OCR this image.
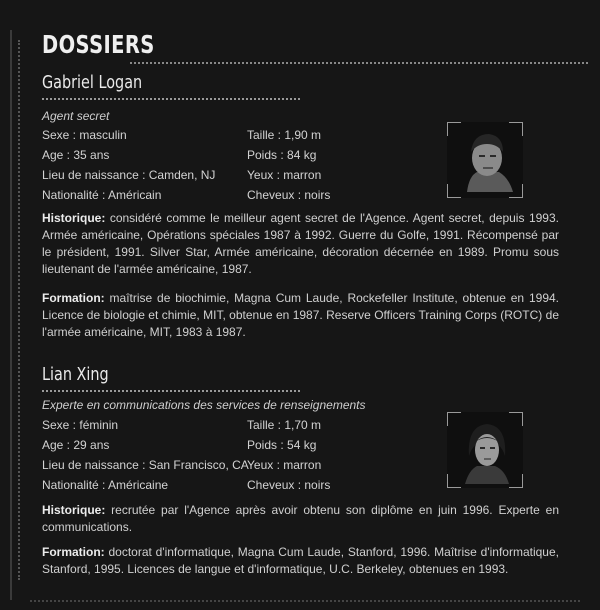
DOSSIERS
Gabriel Logan
Agent secret
Sexe : masculin
Age : 35 ans
Lieu de naissance : Camden, NJ
Nationalité : Américain
Taille : 1,90 m
Poids : 84 kg
Yeux : marron
Cheveux : noirs
Historique: considéré comme le meilleur agent secret de l'Agence. Agent secret, depuis 1993. Armée américaine, Opérations spéciales 1987 à 1992. Guerre du Golfe, 1991. Récompensé par le président, 1991. Silver Star, Armée américaine, décoration décernée en 1989. Promu sous lieutenant de l'armée américaine, 1987.
Formation: maîtrise de biochimie, Magna Cum Laude, Rockefeller Institute, obtenue en 1994. Licence de biologie et chimie, MIT, obtenue en 1987. Reserve Officers Training Corps (ROTC) de l'armée américaine, MIT, 1983 à 1987.
Lian Xing
Experte en communications des services de renseignements
Sexe : féminin
Age : 29 ans
Lieu de naissance : San Francisco, CA
Nationalité : Américaine
Taille : 1,70 m
Poids : 54 kg
Yeux : marron
Cheveux : noirs
Historique: recrutée par l'Agence après avoir obtenu son diplôme en juin 1996. Experte en communications.
Formation: doctorat d'informatique, Magna Cum Laude, Stanford, 1996. Maîtrise d'informatique, Stanford, 1995. Licences de langue et d'informatique, U.C. Berkeley, obtenues en 1993.
